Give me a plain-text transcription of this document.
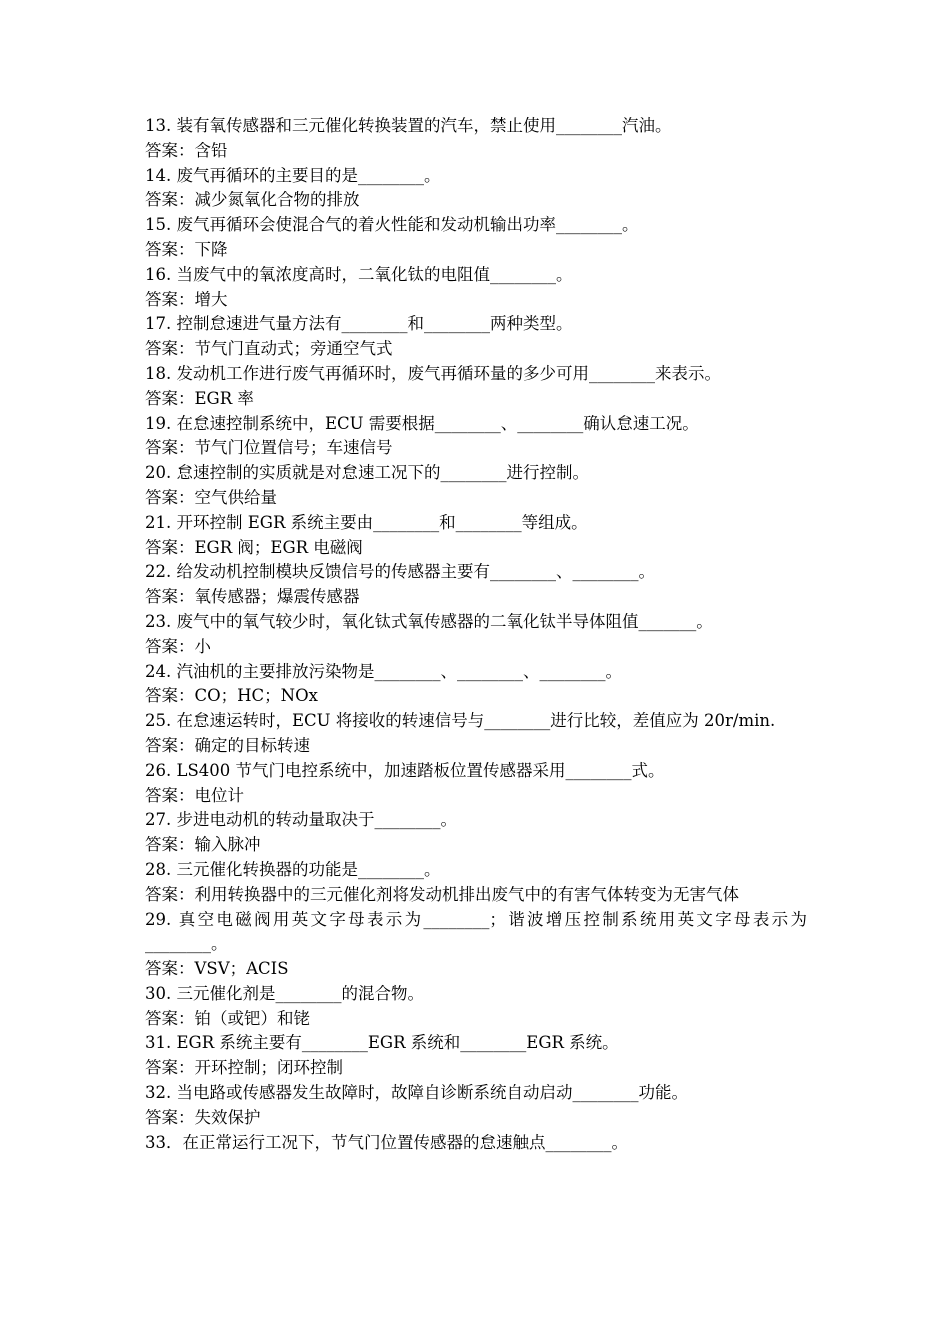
13. 装有氧传感器和三元催化转换装置的汽车，禁止使用________汽油。

答案：含铅

14. 废气再循环的主要目的是________。

答案：减少氮氧化合物的排放

15. 废气再循环会使混合气的着火性能和发动机输出功率________。

答案：下降

16. 当废气中的氧浓度高时，二氧化钛的电阻值________。

答案：增大

17. 控制怠速进气量方法有________和________两种类型。

答案：节气门直动式；旁通空气式

18. 发动机工作进行废气再循环时，废气再循环量的多少可用________来表示。

答案：EGR 率

19. 在怠速控制系统中，ECU 需要根据________、________确认怠速工况。

答案：节气门位置信号；车速信号

20. 怠速控制的实质就是对怠速工况下的________进行控制。

答案：空气供给量

21. 开环控制 EGR 系统主要由________和________等组成。

答案：EGR 阀；EGR 电磁阀

22. 给发动机控制模块反馈信号的传感器主要有________、________。

答案：氧传感器；爆震传感器

23. 废气中的氧气较少时，氧化钛式氧传感器的二氧化钛半导体阻值_______。

答案：小

24. 汽油机的主要排放污染物是________、________、________。

答案：CO；HC；NOx

25. 在怠速运转时，ECU 将接收的转速信号与________进行比较，差值应为 20r/min.

答案：确定的目标转速

26. LS400 节气门电控系统中，加速踏板位置传感器采用________式。

答案：电位计

27. 步进电动机的转动量取决于________。

答案：输入脉冲

28. 三元催化转换器的功能是________。

答案：利用转换器中的三元催化剂将发动机排出废气中的有害气体转变为无害气体

29. 真空电磁阀用英文字母表示为________；谐波增压控制系统用英文字母表示为________。

答案：VSV；ACIS

30. 三元催化剂是________的混合物。

答案：铂（或钯）和铑

31. EGR 系统主要有________EGR 系统和________EGR 系统。

答案：开环控制；闭环控制

32. 当电路或传感器发生故障时，故障自诊断系统自动启动________功能。

答案：失效保护

33．在正常运行工况下，节气门位置传感器的怠速触点________。
